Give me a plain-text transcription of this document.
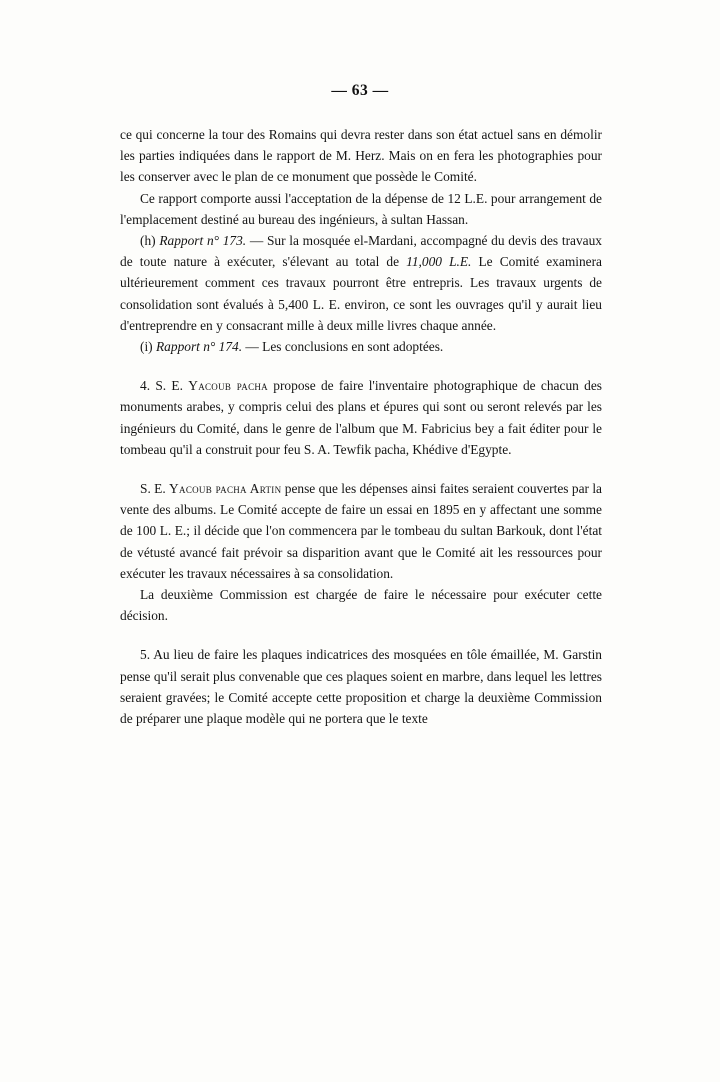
— 63 —

ce qui concerne la tour des Romains qui devra rester dans son état actuel sans en démolir les parties indiquées dans le rapport de M. Herz. Mais on en fera les photographies pour les conserver avec le plan de ce monument que possède le Comité.

Ce rapport comporte aussi l'acceptation de la dépense de 12 L.E. pour arrangement de l'emplacement destiné au bureau des ingénieurs, à sultan Hassan.

(h) Rapport n° 173. — Sur la mosquée el-Mardani, accompagné du devis des travaux de toute nature à exécuter, s'élevant au total de 11,000 L.E. Le Comité examinera ultérieurement comment ces travaux pourront être entrepris. Les travaux urgents de consolidation sont évalués à 5,400 L. E. environ, ce sont les ouvrages qu'il y aurait lieu d'entreprendre en y consacrant mille à deux mille livres chaque année.

(i) Rapport n° 174. — Les conclusions en sont adoptées.

4. S. E. Yacoub pacha propose de faire l'inventaire photographique de chacun des monuments arabes, y compris celui des plans et épures qui sont ou seront relevés par les ingénieurs du Comité, dans le genre de l'album que M. Fabricius bey a fait éditer pour le tombeau qu'il a construit pour feu S. A. Tewfik pacha, Khédive d'Egypte.

S. E. Yacoub pacha Artin pense que les dépenses ainsi faites seraient couvertes par la vente des albums. Le Comité accepte de faire un essai en 1895 en y affectant une somme de 100 L. E.; il décide que l'on commencera par le tombeau du sultan Barkouk, dont l'état de vétusté avancé fait prévoir sa disparition avant que le Comité ait les ressources pour exécuter les travaux nécessaires à sa consolidation.

La deuxième Commission est chargée de faire le nécessaire pour exécuter cette décision.

5. Au lieu de faire les plaques indicatrices des mosquées en tôle émaillée, M. Garstin pense qu'il serait plus convenable que ces plaques soient en marbre, dans lequel les lettres seraient gravées; le Comité accepte cette proposition et charge la deuxième Commission de préparer une plaque modèle qui ne portera que le texte
